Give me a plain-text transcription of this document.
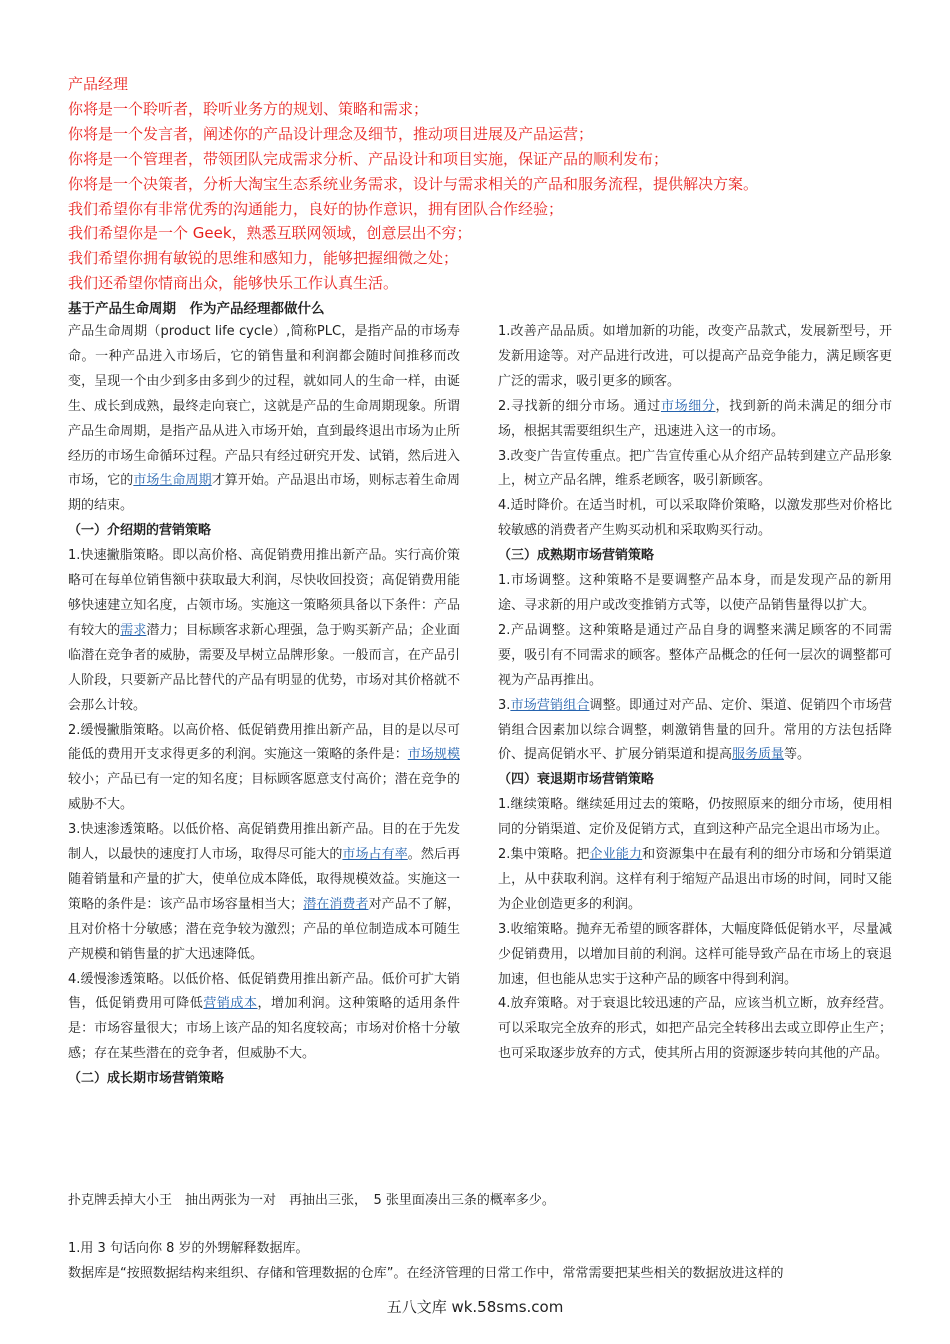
产品经理

你将是一个聆听者，聆听业务方的规划、策略和需求；

你将是一个发言者，阐述你的产品设计理念及细节，推动项目进展及产品运营；

你将是一个管理者，带领团队完成需求分析、产品设计和项目实施，保证产品的顺利发布；

你将是一个决策者，分析大淘宝生态系统业务需求，设计与需求相关的产品和服务流程，提供解决方案。

我们希望你有非常优秀的沟通能力，良好的协作意识，拥有团队合作经验；

我们希望你是一个 Geek，熟悉互联网领域，创意层出不穷；

我们希望你拥有敏锐的思维和感知力，能够把握细微之处；

我们还希望你情商出众，能够快乐工作认真生活。

基于产品生命周期　作为产品经理都做什么

产品生命周期（product life cycle）,简称PLC，是指产品的市场寿命。一种产品进入市场后，它的销售量和利润都会随时间推移而改变，呈现一个由少到多由多到少的过程，就如同人的生命一样，由诞生、成长到成熟，最终走向衰亡，这就是产品的生命周期现象。所谓产品生命周期，是指产品从进入市场开始，直到最终退出市场为止所经历的市场生命循环过程。产品只有经过研究开发、试销，然后进入市场，它的市场生命周期才算开始。产品退出市场，则标志着生命周期的结束。

（一）介绍期的营销策略

1.快速撇脂策略。即以高价格、高促销费用推出新产品。实行高价策略可在每单位销售额中获取最大利润，尽快收回投资；高促销费用能够快速建立知名度，占领市场。实施这一策略须具备以下条件：产品有较大的需求潜力；目标顾客求新心理强，急于购买新产品；企业面临潜在竞争者的威胁，需要及早树立品牌形象。一般而言，在产品引人阶段，只要新产品比替代的产品有明显的优势，市场对其价格就不会那么计较。

2.缓慢撇脂策略。以高价格、低促销费用推出新产品，目的是以尽可能低的费用开支求得更多的利润。实施这一策略的条件是：市场规模较小；产品已有一定的知名度；目标顾客愿意支付高价；潜在竞争的威胁不大。

3.快速渗透策略。以低价格、高促销费用推出新产品。目的在于先发制人，以最快的速度打人市场，取得尽可能大的市场占有率。然后再随着销量和产量的扩大，使单位成本降低，取得规模效益。实施这一策略的条件是：该产品市场容量相当大；潜在消费者对产品不了解，且对价格十分敏感；潜在竞争较为激烈；产品的单位制造成本可随生产规模和销售量的扩大迅速降低。

4.缓慢渗透策略。以低价格、低促销费用推出新产品。低价可扩大销售，低促销费用可降低营销成本，增加利润。这种策略的适用条件是：市场容量很大；市场上该产品的知名度较高；市场对价格十分敏感；存在某些潜在的竞争者，但威胁不大。

（二）成长期市场营销策略

1.改善产品品质。如增加新的功能，改变产品款式，发展新型号，开发新用途等。对产品进行改进，可以提高产品竞争能力，满足顾客更广泛的需求，吸引更多的顾客。

2.寻找新的细分市场。通过市场细分，找到新的尚未满足的细分市场，根据其需要组织生产，迅速进入这一的市场。

3.改变广告宣传重点。把广告宣传重心从介绍产品转到建立产品形象上，树立产品名牌，维系老顾客，吸引新顾客。

4.适时降价。在适当时机，可以采取降价策略，以激发那些对价格比较敏感的消费者产生购买动机和采取购买行动。

（三）成熟期市场营销策略

1.市场调整。这种策略不是要调整产品本身，而是发现产品的新用途、寻求新的用户或改变推销方式等，以使产品销售量得以扩大。

2.产品调整。这种策略是通过产品自身的调整来满足顾客的不同需要，吸引有不同需求的顾客。整体产品概念的任何一层次的调整都可视为产品再推出。

3.市场营销组合调整。即通过对产品、定价、渠道、促销四个市场营销组合因素加以综合调整，刺激销售量的回升。常用的方法包括降价、提高促销水平、扩展分销渠道和提高服务质量等。

（四）衰退期市场营销策略

1.继续策略。继续延用过去的策略，仍按照原来的细分市场，使用相同的分销渠道、定价及促销方式，直到这种产品完全退出市场为止。

2.集中策略。把企业能力和资源集中在最有利的细分市场和分销渠道上，从中获取利润。这样有利于缩短产品退出市场的时间，同时又能为企业创造更多的利润。

3.收缩策略。抛弃无希望的顾客群体，大幅度降低促销水平，尽量减少促销费用，以增加目前的利润。这样可能导致产品在市场上的衰退加速，但也能从忠实于这种产品的顾客中得到利润。

4.放弃策略。对于衰退比较迅速的产品，应该当机立断，放弃经营。可以采取完全放弃的形式，如把产品完全转移出去或立即停止生产；也可采取逐步放弃的方式，使其所占用的资源逐步转向其他的产品。

扑克牌丢掉大小王　抽出两张为一对　再抽出三张，　5 张里面凑出三条的概率多少。

1.用 3 句话向你 8 岁的外甥解释数据库。

数据库是“按照数据结构来组织、存储和管理数据的仓库”。在经济管理的日常工作中，常常需要把某些相关的数据放进这样的

五八文库 wk.58sms.com
